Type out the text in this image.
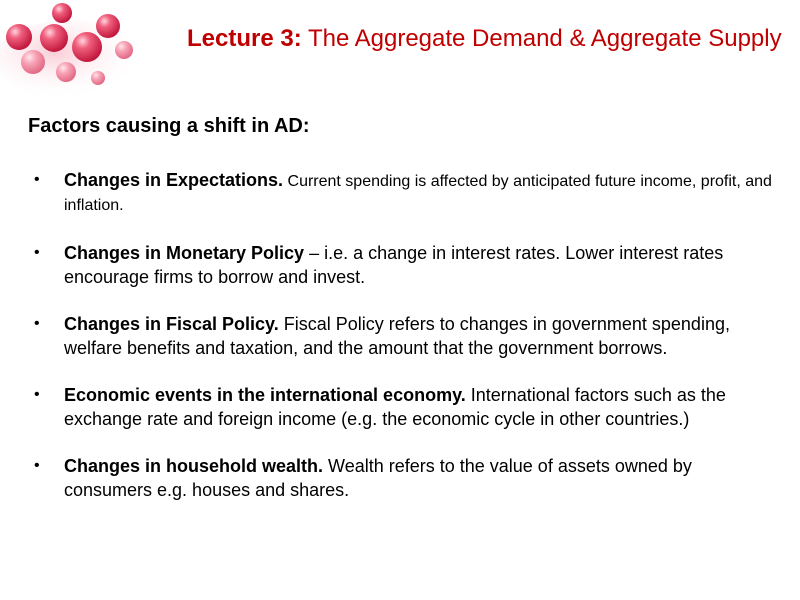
Lecture 3: The Aggregate Demand & Aggregate Supply
Factors causing a shift in AD:
• Changes in Expectations. Current spending is affected by anticipated future income, profit, and inflation.
• Changes in Monetary Policy – i.e. a change in interest rates. Lower interest rates encourage firms to borrow and invest.
• Changes in Fiscal Policy. Fiscal Policy refers to changes in government spending, welfare benefits and taxation, and the amount that the government borrows.
• Economic events in the international economy. International factors such as the exchange rate and foreign income (e.g. the economic cycle in other countries.)
• Changes in household wealth. Wealth refers to the value of assets owned by consumers e.g. houses and shares.
